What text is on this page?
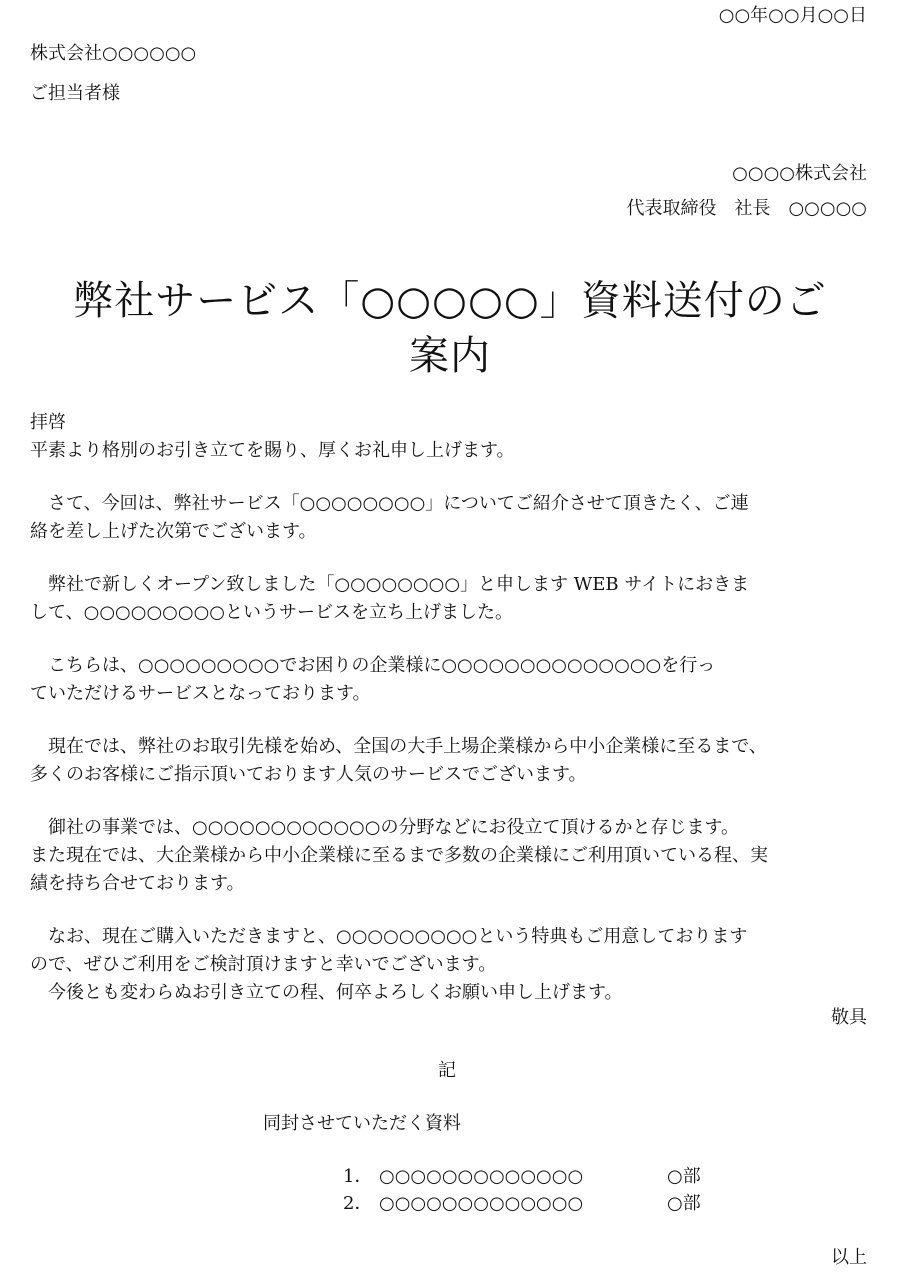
○○年○○月○○日
株式会社○○○○○○
ご担当者様
○○○○株式会社
代表取締役　社長　○○○○○
弊社サービス「○○○○○」資料送付のご
案内
拝啓
平素より格別のお引き立てを賜り、厚くお礼申し上げます。
　さて、今回は、弊社サービス「○○○○○○○○」についてご紹介させて頂きたく、ご連
絡を差し上げた次第でございます。
　弊社で新しくオープン致しました「○○○○○○○○」と申します WEB サイトにおきま
して、○○○○○○○○○というサービスを立ち上げました。
　こちらは、○○○○○○○○○でお困りの企業様に○○○○○○○○○○○○○○を行っ
ていただけるサービスとなっております。
　現在では、弊社のお取引先様を始め、全国の大手上場企業様から中小企業様に至るまで、
多くのお客様にご指示頂いております人気のサービスでございます。
　御社の事業では、○○○○○○○○○○○○の分野などにお役立て頂けるかと存じます。
また現在では、大企業様から中小企業様に至るまで多数の企業様にご利用頂いている程、実
績を持ち合せております。
　なお、現在ご購入いただきますと、○○○○○○○○○という特典もご用意しております
ので、ぜひご利用をご検討頂けますと幸いでございます。
　今後とも変わらぬお引き立ての程、何卒よろしくお願い申し上げます。
敬具
記
同封させていただく資料
1． ○○○○○○○○○○○○○	○部
2． ○○○○○○○○○○○○○	○部
以上
